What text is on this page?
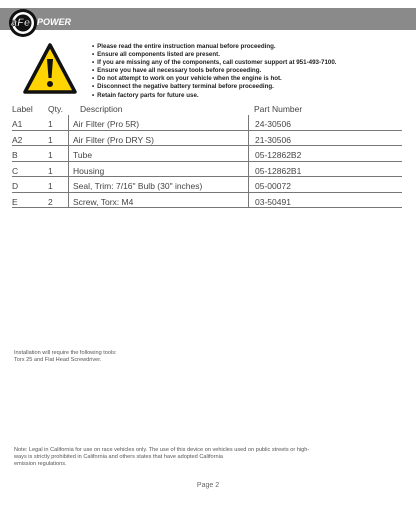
aFe POWER
• Please read the entire instruction manual before proceeding.
• Ensure all components listed are present.
• If you are missing any of the components, call customer support at 951-493-7100.
• Ensure you have all necessary tools before proceeding.
• Do not attempt to work on your vehicle when the engine is hot.
• Disconnect the negative battery terminal before proceeding.
• Retain factory parts for future use.
Label	Qty.	Description	Part Number
A1	1	Air Filter (Pro 5R)	24-30506
A2	1	Air Filter (Pro DRY S)	21-30506
B	1	Tube	05-12862B2
C	1	Housing	05-12862B1
D	1	Seal, Trim: 7/16" Bulb (30" inches)	05-00072
E	2	Screw, Torx: M4	03-50491

Installation will require the following tools:
Torx 25 and Flat Head Screwdriver.

Note: Legal in California for use on race vehicles only. The use of this device on vehicles used on public streets or high-
ways is strictly prohibited in California and others states that have adopted California
emission regulations.

Page 2
